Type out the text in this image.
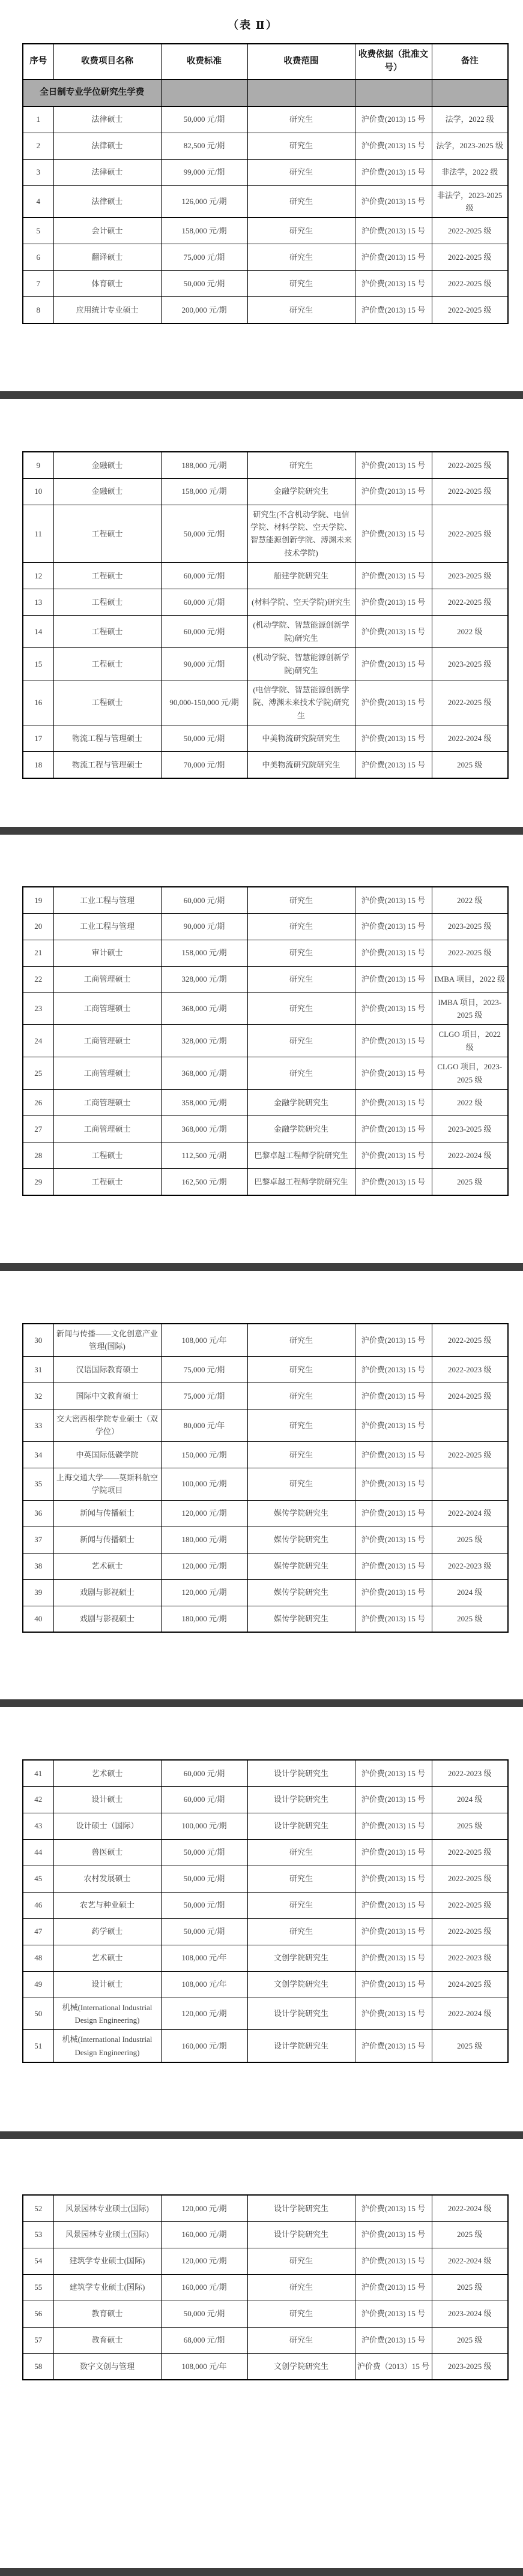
（表 Ⅱ）
序号	收费项目名称	收费标准	收费范围	收费依据（批准文号）	备注
全日制专业学位研究生学费					
1	法律硕士	50,000 元/期	研究生	沪价费(2013) 15 号	法学，2022 级
2	法律硕士	82,500 元/期	研究生	沪价费(2013) 15 号	法学，2023-2025 级
3	法律硕士	99,000 元/期	研究生	沪价费(2013) 15 号	非法学，2022 级
4	法律硕士	126,000 元/期	研究生	沪价费(2013) 15 号	非法学，2023-2025 级
5	会计硕士	158,000 元/期	研究生	沪价费(2013) 15 号	2022-2025 级
6	翻译硕士	75,000 元/期	研究生	沪价费(2013) 15 号	2022-2025 级
7	体育硕士	50,000 元/期	研究生	沪价费(2013) 15 号	2022-2025 级
8	应用统计专业硕士	200,000 元/期	研究生	沪价费(2013) 15 号	2022-2025 级
9	金融硕士	188,000 元/期	研究生	沪价费(2013) 15 号	2022-2025 级
10	金融硕士	158,000 元/期	金融学院研究生	沪价费(2013) 15 号	2022-2025 级
11	工程硕士	50,000 元/期	研究生(不含机动学院、电信学院、材料学院、空天学院、智慧能源创新学院、溥渊未来技术学院)	沪价费(2013) 15 号	2022-2025 级
12	工程硕士	60,000 元/期	船建学院研究生	沪价费(2013) 15 号	2023-2025 级
13	工程硕士	60,000 元/期	(材料学院、空天学院)研究生	沪价费(2013) 15 号	2022-2025 级
14	工程硕士	60,000 元/期	(机动学院、智慧能源创新学院)研究生	沪价费(2013) 15 号	2022 级
15	工程硕士	90,000 元/期	(机动学院、智慧能源创新学院)研究生	沪价费(2013) 15 号	2023-2025 级
16	工程硕士	90,000-150,000 元/期	(电信学院、智慧能源创新学院、溥渊未来技术学院)研究生	沪价费(2013) 15 号	2022-2025 级
17	物流工程与管理硕士	50,000 元/期	中美物流研究院研究生	沪价费(2013) 15 号	2022-2024 级
18	物流工程与管理硕士	70,000 元/期	中美物流研究院研究生	沪价费(2013) 15 号	2025 级
19	工业工程与管理	60,000 元/期	研究生	沪价费(2013) 15 号	2022 级
20	工业工程与管理	90,000 元/期	研究生	沪价费(2013) 15 号	2023-2025 级
21	审计硕士	158,000 元/期	研究生	沪价费(2013) 15 号	2022-2025 级
22	工商管理硕士	328,000 元/期	研究生	沪价费(2013) 15 号	IMBA 项目，2022 级
23	工商管理硕士	368,000 元/期	研究生	沪价费(2013) 15 号	IMBA 项目，2023-2025 级
24	工商管理硕士	328,000 元/期	研究生	沪价费(2013) 15 号	CLGO 项目，2022 级
25	工商管理硕士	368,000 元/期	研究生	沪价费(2013) 15 号	CLGO 项目，2023-2025 级
26	工商管理硕士	358,000 元/期	金融学院研究生	沪价费(2013) 15 号	2022 级
27	工商管理硕士	368,000 元/期	金融学院研究生	沪价费(2013) 15 号	2023-2025 级
28	工程硕士	112,500 元/期	巴黎卓越工程师学院研究生	沪价费(2013) 15 号	2022-2024 级
29	工程硕士	162,500 元/期	巴黎卓越工程师学院研究生	沪价费(2013) 15 号	2025 级
30	新闻与传播——文化创意产业管理(国际)	108,000 元/年	研究生	沪价费(2013) 15 号	2022-2025 级
31	汉语国际教育硕士	75,000 元/期	研究生	沪价费(2013) 15 号	2022-2023 级
32	国际中文教育硕士	75,000 元/期	研究生	沪价费(2013) 15 号	2024-2025 级
33	交大密西根学院专业硕士（双学位）	80,000 元/年	研究生	沪价费(2013) 15 号	
34	中英国际低碳学院	150,000 元/期	研究生	沪价费(2013) 15 号	2022-2025 级
35	上海交通大学——莫斯科航空学院项目	100,000 元/期	研究生	沪价费(2013) 15 号	
36	新闻与传播硕士	120,000 元/期	媒传学院研究生	沪价费(2013) 15 号	2022-2024 级
37	新闻与传播硕士	180,000 元/期	媒传学院研究生	沪价费(2013) 15 号	2025 级
38	艺术硕士	120,000 元/期	媒传学院研究生	沪价费(2013) 15 号	2022-2023 级
39	戏剧与影视硕士	120,000 元/期	媒传学院研究生	沪价费(2013) 15 号	2024 级
40	戏剧与影视硕士	180,000 元/期	媒传学院研究生	沪价费(2013) 15 号	2025 级
41	艺术硕士	60,000 元/期	设计学院研究生	沪价费(2013) 15 号	2022-2023 级
42	设计硕士	60,000 元/期	设计学院研究生	沪价费(2013) 15 号	2024 级
43	设计硕士（国际）	100,000 元/期	设计学院研究生	沪价费(2013) 15 号	2025 级
44	兽医硕士	50,000 元/期	研究生	沪价费(2013) 15 号	2022-2025 级
45	农村发展硕士	50,000 元/期	研究生	沪价费(2013) 15 号	2022-2025 级
46	农艺与种业硕士	50,000 元/期	研究生	沪价费(2013) 15 号	2022-2025 级
47	药学硕士	50,000 元/期	研究生	沪价费(2013) 15 号	2022-2025 级
48	艺术硕士	108,000 元/年	文创学院研究生	沪价费(2013) 15 号	2022-2023 级
49	设计硕士	108,000 元/年	文创学院研究生	沪价费(2013) 15 号	2024-2025 级
50	机械(International Industrial Design Engineering)	120,000 元/期	设计学院研究生	沪价费(2013) 15 号	2022-2024 级
51	机械(International Industrial Design Engineering)	160,000 元/期	设计学院研究生	沪价费(2013) 15 号	2025 级
52	风景园林专业硕士(国际)	120,000 元/期	设计学院研究生	沪价费(2013) 15 号	2022-2024 级
53	风景园林专业硕士(国际)	160,000 元/期	设计学院研究生	沪价费(2013) 15 号	2025 级
54	建筑学专业硕士(国际)	120,000 元/期	研究生	沪价费(2013) 15 号	2022-2024 级
55	建筑学专业硕士(国际)	160,000 元/期	研究生	沪价费(2013) 15 号	2025 级
56	教育硕士	50,000 元/期	研究生	沪价费(2013) 15 号	2023-2024 级
57	教育硕士	68,000 元/期	研究生	沪价费(2013) 15 号	2025 级
58	数字文创与管理	108,000 元/年	文创学院研究生	沪价费（2013）15 号	2023-2025 级
